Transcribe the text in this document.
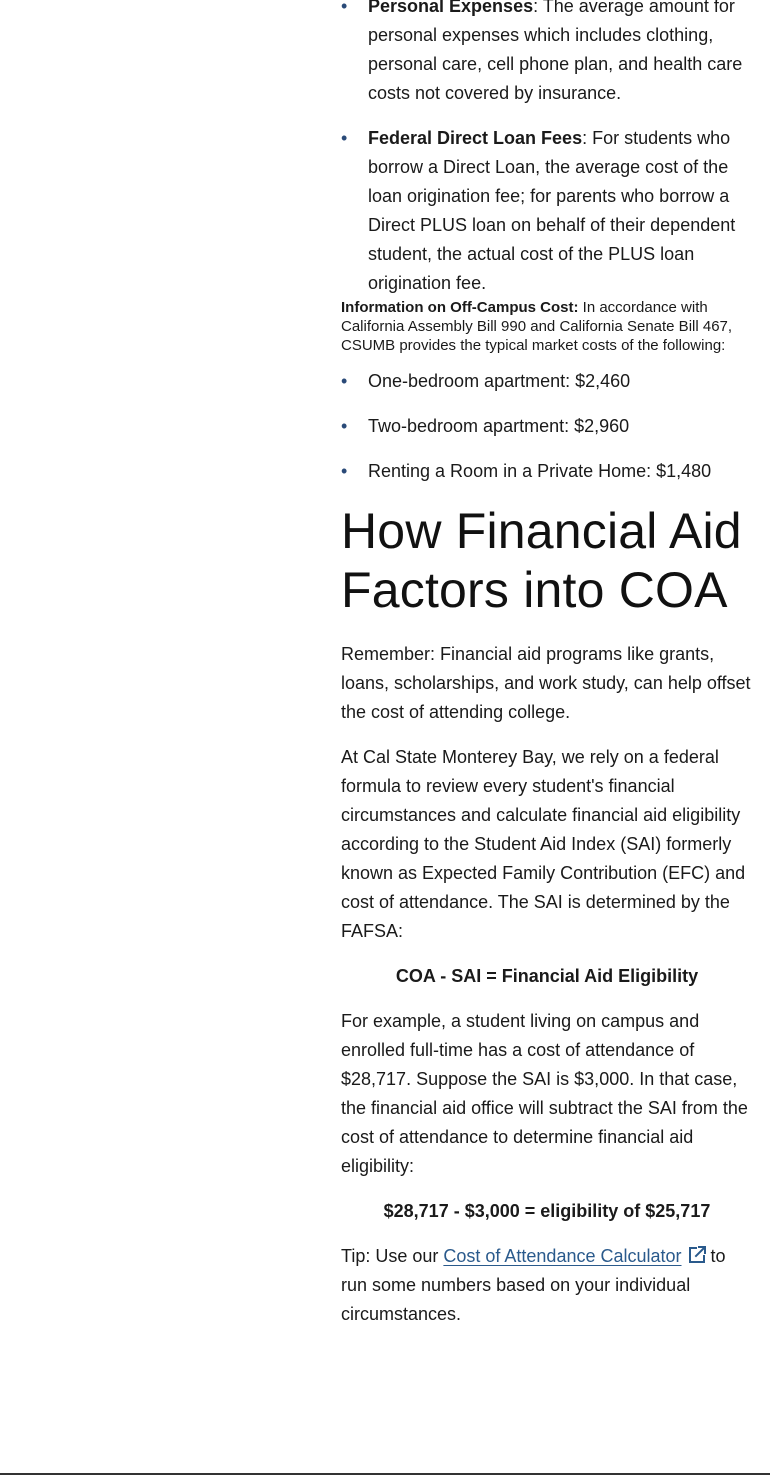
• Personal Expenses: The average amount for personal expenses which includes clothing, personal care, cell phone plan, and health care costs not covered by insurance.
• Federal Direct Loan Fees: For students who borrow a Direct Loan, the average cost of the loan origination fee; for parents who borrow a Direct PLUS loan on behalf of their dependent student, the actual cost of the PLUS loan origination fee.
Information on Off-Campus Cost: In accordance with California Assembly Bill 990 and California Senate Bill 467, CSUMB provides the typical market costs of the following:
• One-bedroom apartment: $2,460
• Two-bedroom apartment: $2,960
• Renting a Room in a Private Home: $1,480
How Financial Aid Factors into COA

Remember: Financial aid programs like grants, loans, scholarships, and work study, can help offset the cost of attending college.

At Cal State Monterey Bay, we rely on a federal formula to review every student's financial circumstances and calculate financial aid eligibility according to the Student Aid Index (SAI) formerly known as Expected Family Contribution (EFC) and cost of attendance. The SAI is determined by the FAFSA:

COA - SAI = Financial Aid Eligibility

For example, a student living on campus and enrolled full-time has a cost of attendance of $28,717. Suppose the SAI is $3,000. In that case, the financial aid office will subtract the SAI from the cost of attendance to determine financial aid eligibility:

$28,717 - $3,000 = eligibility of $25,717

Tip: Use our Cost of Attendance Calculator to run some numbers based on your individual circumstances.
